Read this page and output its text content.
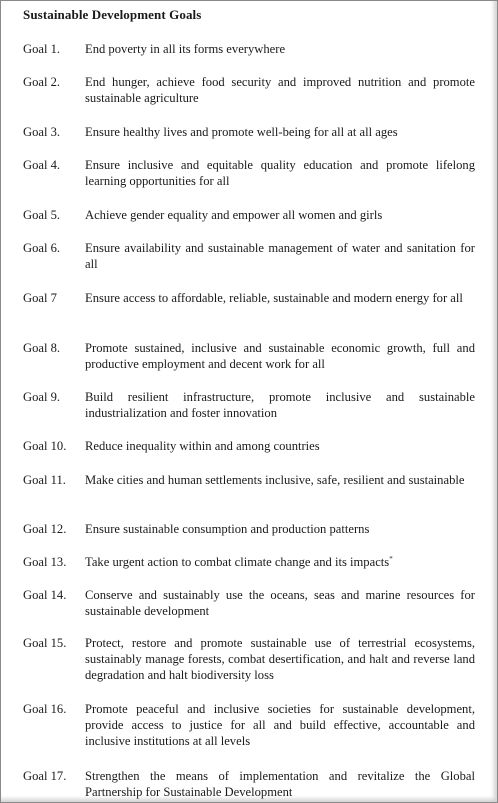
Sustainable Development Goals
Goal 1. End poverty in all its forms everywhere
Goal 2. End hunger, achieve food security and improved nutrition and promote sustainable agriculture
Goal 3. Ensure healthy lives and promote well-being for all at all ages
Goal 4. Ensure inclusive and equitable quality education and promote lifelong learning opportunities for all
Goal 5. Achieve gender equality and empower all women and girls
Goal 6. Ensure availability and sustainable management of water and sanitation for all
Goal 7 Ensure access to affordable, reliable, sustainable and modern energy for all
Goal 8. Promote sustained, inclusive and sustainable economic growth, full and productive employment and decent work for all
Goal 9. Build resilient infrastructure, promote inclusive and sustainable industrialization and foster innovation
Goal 10. Reduce inequality within and among countries
Goal 11. Make cities and human settlements inclusive, safe, resilient and sustainable
Goal 12. Ensure sustainable consumption and production patterns
Goal 13. Take urgent action to combat climate change and its impacts*
Goal 14. Conserve and sustainably use the oceans, seas and marine resources for sustainable development
Goal 15. Protect, restore and promote sustainable use of terrestrial ecosystems, sustainably manage forests, combat desertification, and halt and reverse land degradation and halt biodiversity loss
Goal 16. Promote peaceful and inclusive societies for sustainable development, provide access to justice for all and build effective, accountable and inclusive institutions at all levels
Goal 17. Strengthen the means of implementation and revitalize the Global Partnership for Sustainable Development
